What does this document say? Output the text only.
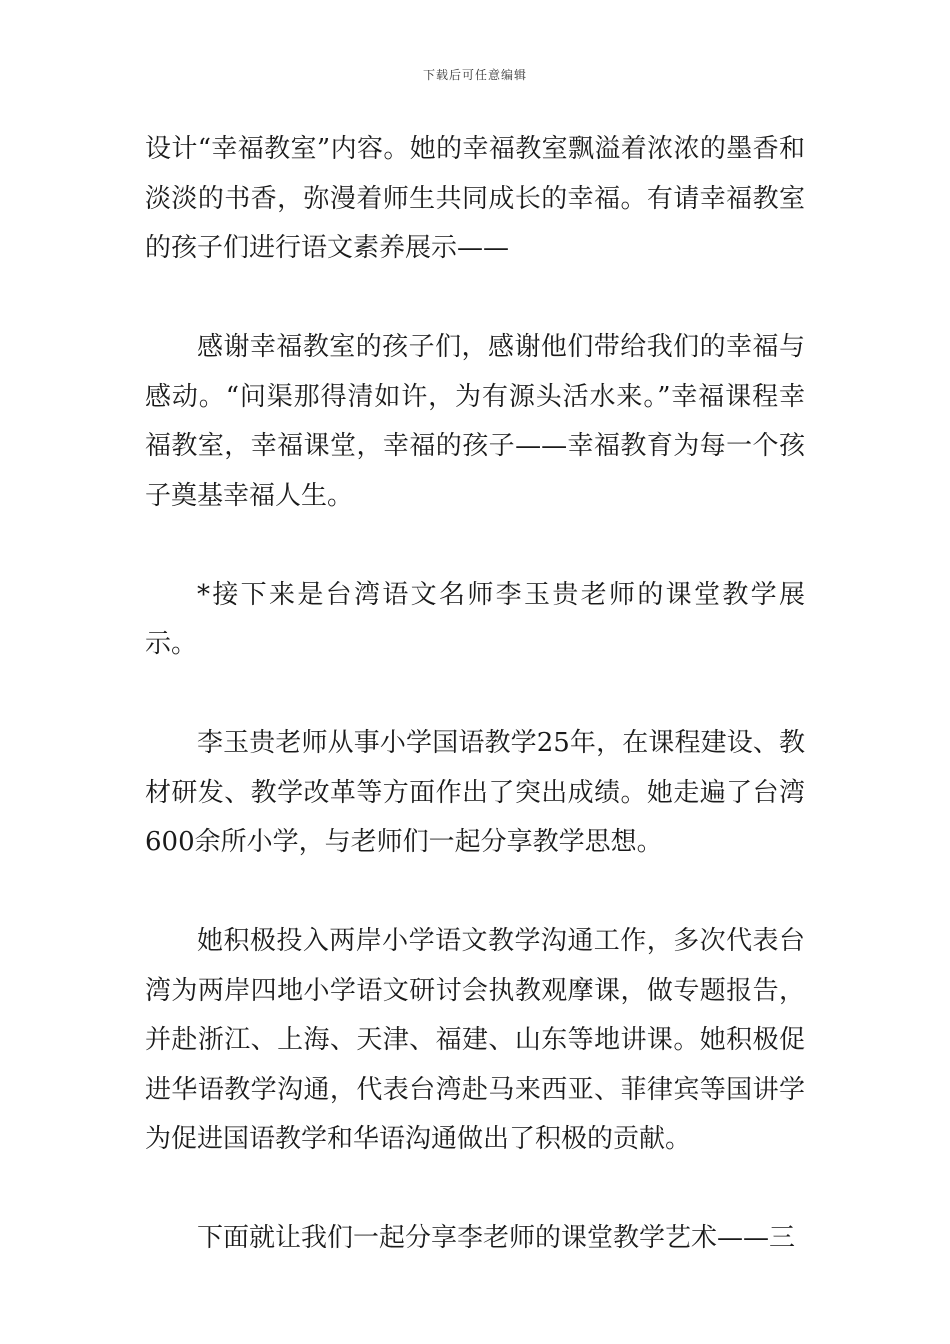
下载后可任意编辑

设计“幸福教室”内容。她的幸福教室飘溢着浓浓的墨香和淡淡的书香，弥漫着师生共同成长的幸福。有请幸福教室的孩子们进行语文素养展示——

感谢幸福教室的孩子们，感谢他们带给我们的幸福与感动。“问渠那得清如许，为有源头活水来。”幸福课程幸福教室，幸福课堂，幸福的孩子——幸福教育为每一个孩子奠基幸福人生。

*接下来是台湾语文名师李玉贵老师的课堂教学展示。

李玉贵老师从事小学国语教学25年，在课程建设、教材研发、教学改革等方面作出了突出成绩。她走遍了台湾600余所小学，与老师们一起分享教学思想。

她积极投入两岸小学语文教学沟通工作，多次代表台湾为两岸四地小学语文研讨会执教观摩课，做专题报告，并赴浙江、上海、天津、福建、山东等地讲课。她积极促进华语教学沟通，代表台湾赴马来西亚、菲律宾等国讲学为促进国语教学和华语沟通做出了积极的贡献。

下面就让我们一起分享李老师的课堂教学艺术——三
